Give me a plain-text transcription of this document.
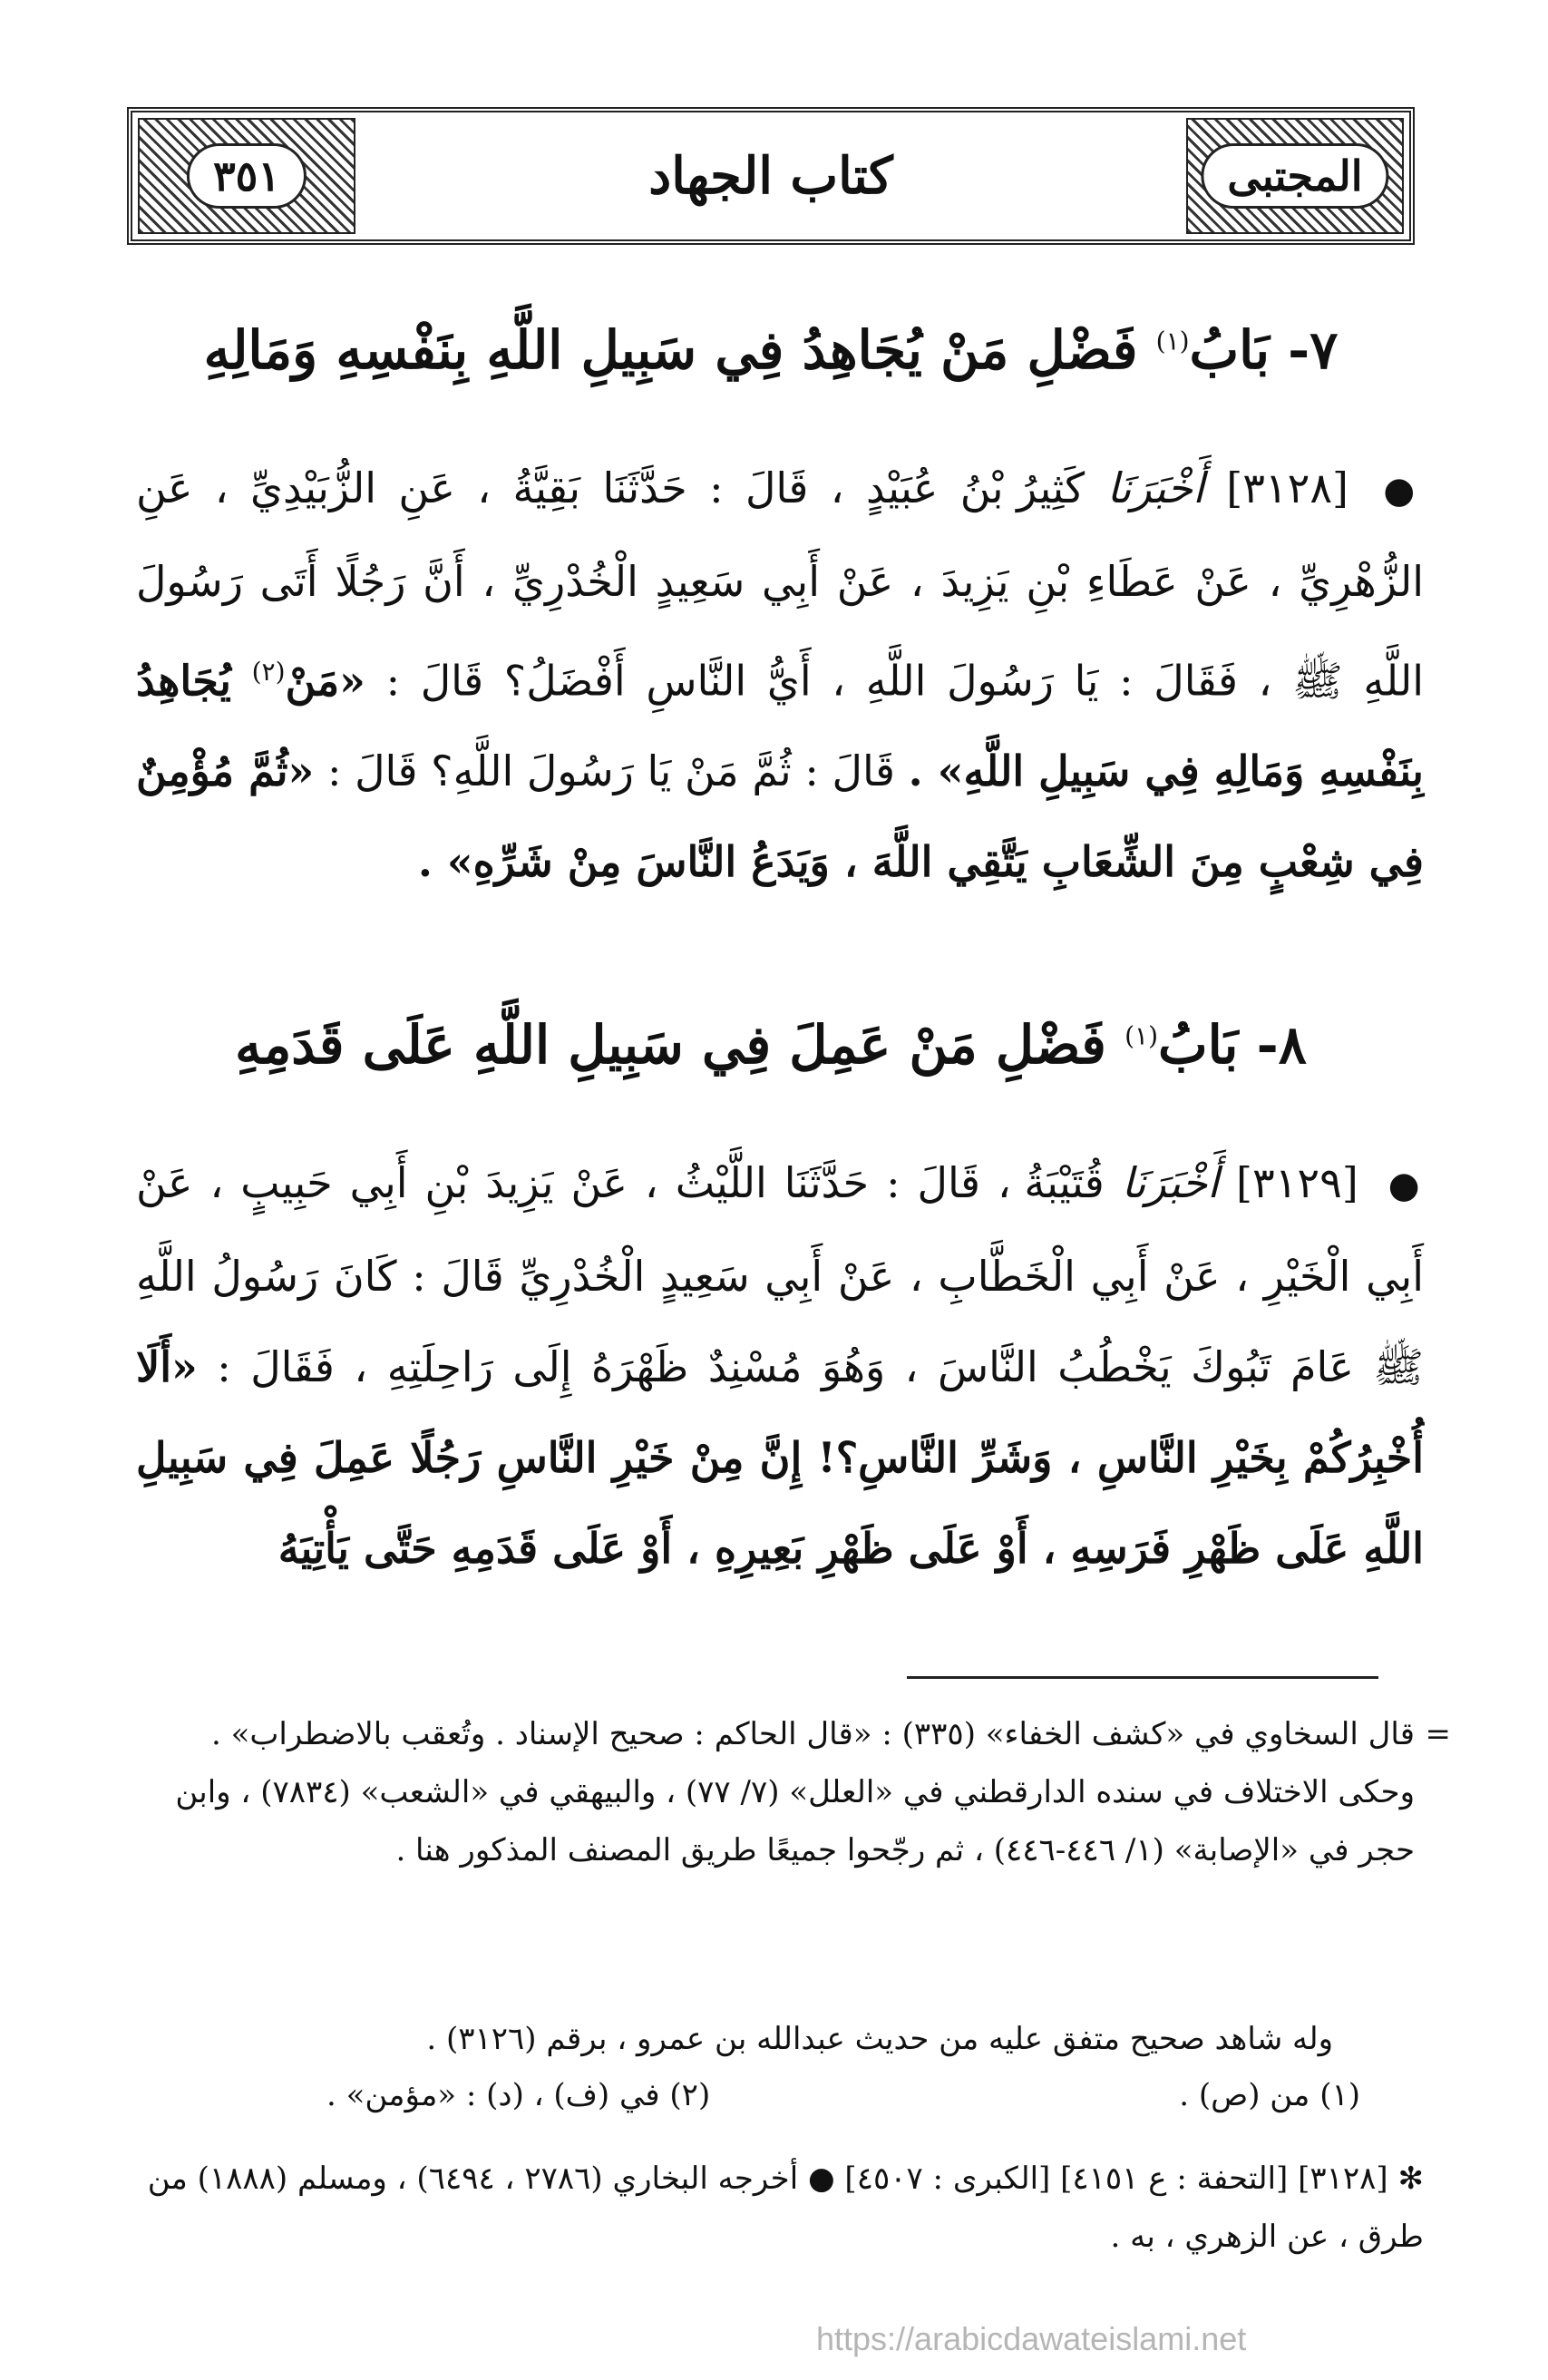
٣٥١	كتاب الجهاد	المجتبى
٧- بَابُ$^{(١)}$ فَضْلِ مَنْ يُجَاهِدُ فِي سَبِيلِ اللَّهِ بِنَفْسِهِ وَمَالِهِ
● [٣١٢٨] أَخْبَرَنَا كَثِيرُ بْنُ عُبَيْدٍ ، قَالَ : حَدَّثَنَا بَقِيَّةُ ، عَنِ الزُّبَيْدِيِّ ، عَنِ الزُّهْرِيِّ ، عَنْ عَطَاءِ بْنِ يَزِيدَ ، عَنْ أَبِي سَعِيدٍ الْخُدْرِيِّ ، أَنَّ رَجُلًا أَتَى رَسُولَ اللَّهِ ﷺ ، فَقَالَ : يَا رَسُولَ اللَّهِ ، أَيُّ النَّاسِ أَفْضَلُ؟ قَالَ : «مَنْ$^{(٢)}$ يُجَاهِدُ بِنَفْسِهِ وَمَالِهِ فِي سَبِيلِ اللَّهِ» . قَالَ : ثُمَّ مَنْ يَا رَسُولَ اللَّهِ؟ قَالَ : «ثُمَّ مُؤْمِنٌ فِي شِعْبٍ مِنَ الشِّعَابِ يَتَّقِي اللَّهَ ، وَيَدَعُ النَّاسَ مِنْ شَرِّهِ» .
٨- بَابُ$^{(١)}$ فَضْلِ مَنْ عَمِلَ فِي سَبِيلِ اللَّهِ عَلَى قَدَمِهِ
● [٣١٢٩] أَخْبَرَنَا قُتَيْبَةُ ، قَالَ : حَدَّثَنَا اللَّيْثُ ، عَنْ يَزِيدَ بْنِ أَبِي حَبِيبٍ ، عَنْ أَبِي الْخَيْرِ ، عَنْ أَبِي الْخَطَّابِ ، عَنْ أَبِي سَعِيدٍ الْخُدْرِيِّ قَالَ : كَانَ رَسُولُ اللَّهِ ﷺ عَامَ تَبُوكَ يَخْطُبُ النَّاسَ ، وَهُوَ مُسْنِدٌ ظَهْرَهُ إِلَى رَاحِلَتِهِ ، فَقَالَ : «أَلَا أُخْبِرُكُمْ بِخَيْرِ النَّاسِ ، وَشَرِّ النَّاسِ؟! إِنَّ مِنْ خَيْرِ النَّاسِ رَجُلًا عَمِلَ فِي سَبِيلِ اللَّهِ عَلَى ظَهْرِ فَرَسِهِ ، أَوْ عَلَى ظَهْرِ بَعِيرِهِ ، أَوْ عَلَى قَدَمِهِ حَتَّى يَأْتِيَهُ
=
قال السخاوي في «كشف الخفاء» (٣٣٥) : «قال الحاكم : صحيح الإسناد . وتُعقب بالاضطراب» . وحكى الاختلاف في سنده الدارقطني في «العلل» (٧/ ٧٧) ، والبيهقي في «الشعب» (٧٨٣٤) ، وابن حجر في «الإصابة» (١/ ٤٤٦-٤٤٦) ، ثم رجّحوا جميعًا طريق المصنف المذكور هنا .
وله شاهد صحيح متفق عليه من حديث عبدالله بن عمرو ، برقم (٣١٢٦) .
(١) من (ص) .
(٢) في (ف) ، (د) : «مؤمن» .
✻ [٣١٢٨] [التحفة : ع ٤١٥١] [الكبرى : ٤٥٠٧] ● أخرجه البخاري (٢٧٨٦ ، ٦٤٩٤) ، ومسلم (١٨٨٨) من طرق ، عن الزهري ، به .
https://arabicdawateislami.net
